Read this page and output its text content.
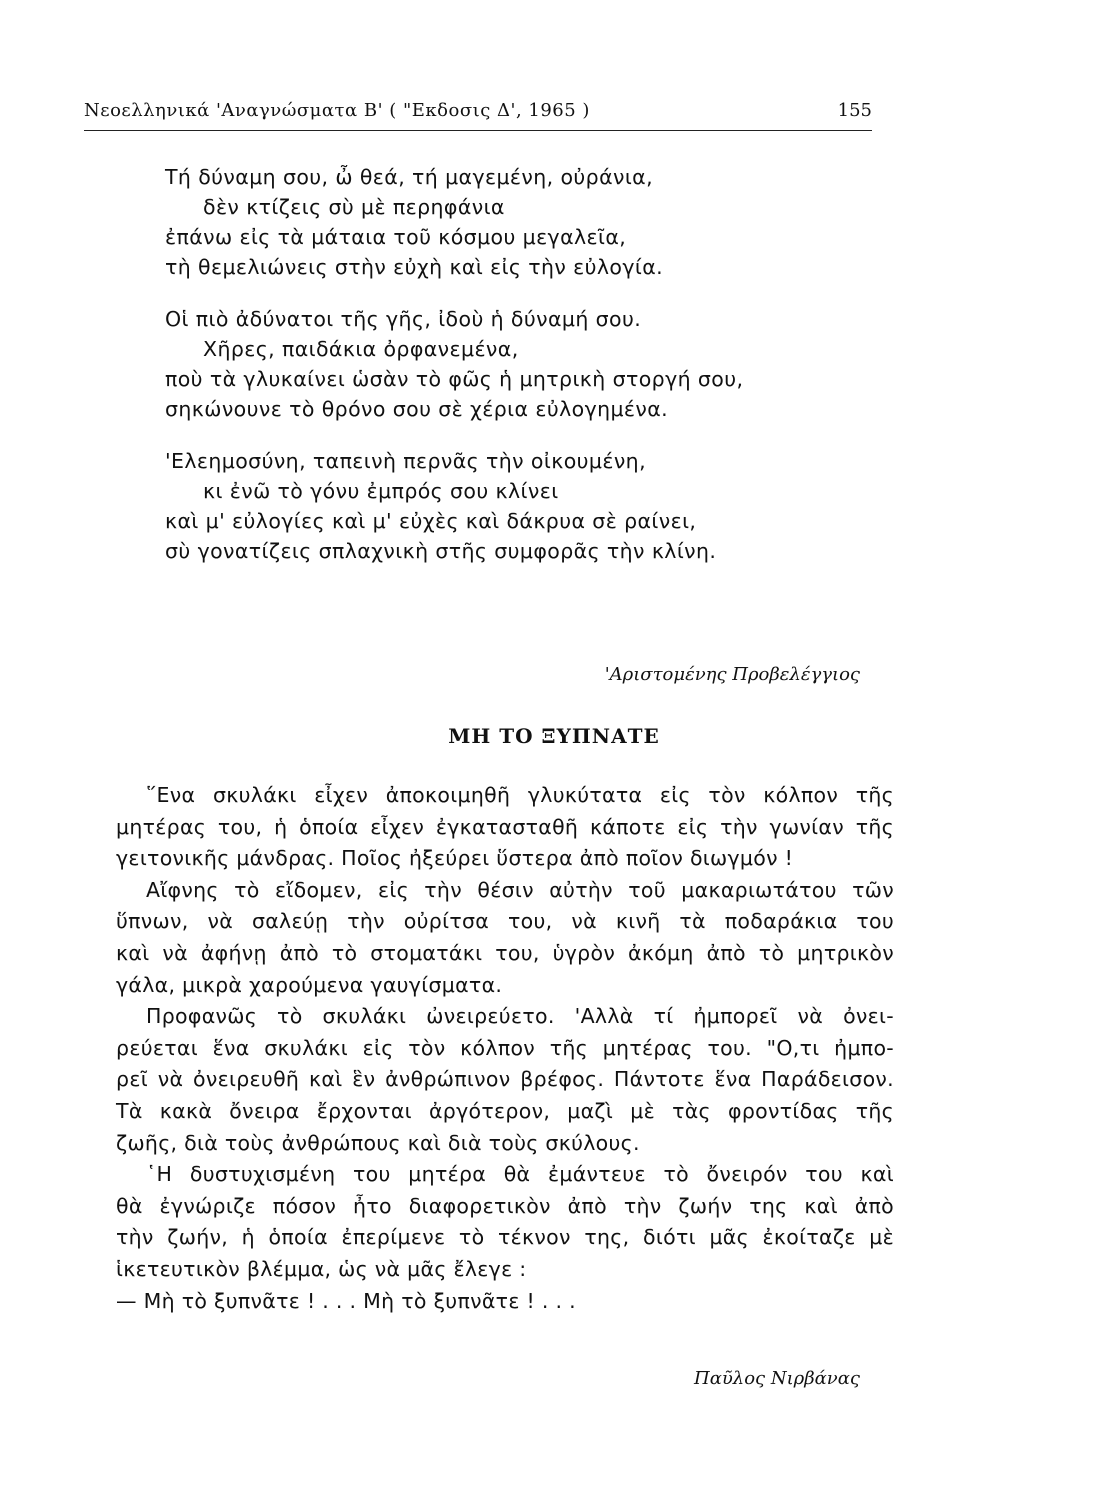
Νεοελληνικά 'Αναγνώσματα Β' ( "Εκδοσις Δ', 1965 )	155
Τή δύναμη σου, ὦ θεά, τή μαγεμένη, οὐράνια,
δὲν κτίζεις σὺ μὲ περηφάνια
ἐπάνω εἰς τὰ μάταια τοῦ κόσμου μεγαλεῖα,
τὴ θεμελιώνεις στὴν εὐχὴ καὶ εἰς τὴν εὐλογία.
Οἱ πιὸ ἀδύνατοι τῆς γῆς, ἰδοὺ ἡ δύναμή σου.
Χῆρες, παιδάκια ὀρφανεμένα,
ποὺ τὰ γλυκαίνει ὡσὰν τὸ φῶς ἡ μητρικὴ στοργή σου,
σηκώνουνε τὸ θρόνο σου σὲ χέρια εὐλογημένα.
'Ελεημοσύνη, ταπεινὴ περνᾶς τὴν οἰκουμένη,
κι ἐνῶ τὸ γόνυ ἐμπρός σου κλίνει
καὶ μ' εὐλογίες καὶ μ' εὐχὲς καὶ δάκρυα σὲ ραίνει,
σὺ γονατίζεις σπλαχνικὴ στῆς συμφορᾶς τὴν κλίνη.
'Αριστομένης Προβελέγγιος
ΜΗ ΤΟ ΞΥΠΝΑΤΕ
῞Ενα σκυλάκι εἶχεν ἀποκοιμηθῆ γλυκύτατα εἰς τὸν κόλπον τῆς
μητέρας του, ἡ ὁποία εἶχεν ἐγκατασταθῆ κάποτε εἰς τὴν γωνίαν τῆς
γειτονικῆς μάνδρας. Ποῖος ἠξεύρει ὕστερα ἀπὸ ποῖον διωγμόν !
Αἴφνης τὸ εἴδομεν, εἰς τὴν θέσιν αὐτὴν τοῦ μακαριωτάτου τῶν
ὕπνων, νὰ σαλεύῃ τὴν οὐρίτσα του, νὰ κινῆ τὰ ποδαράκια του
καὶ νὰ ἀφήνῃ ἀπὸ τὸ στοματάκι του, ὑγρὸν ἀκόμη ἀπὸ τὸ μητρικὸν
γάλα, μικρὰ χαρούμενα γαυγίσματα.
Προφανῶς τὸ σκυλάκι ὠνειρεύετο. 'Αλλὰ τί ἠμπορεῖ νὰ ὀνει-
ρεύεται ἕνα σκυλάκι εἰς τὸν κόλπον τῆς μητέρας του. "Ο,τι ἠμπο-
ρεῖ νὰ ὀνειρευθῆ καὶ ἓν ἀνθρώπινον βρέφος. Πάντοτε ἕνα Παράδεισον.
Τὰ κακὰ ὄνειρα ἔρχονται ἀργότερον, μαζὶ μὲ τὰς φροντίδας τῆς
ζωῆς, διὰ τοὺς ἀνθρώπους καὶ διὰ τοὺς σκύλους.
῾Η δυστυχισμένη του μητέρα θὰ ἐμάντευε τὸ ὄνειρόν του καὶ
θὰ ἐγνώριζε πόσον ἦτο διαφορετικὸν ἀπὸ τὴν ζωήν της καὶ ἀπὸ
τὴν ζωήν, ἡ ὁποία ἐπερίμενε τὸ τέκνον της, διότι μᾶς ἐκοίταζε μὲ
ἱκετευτικὸν βλέμμα, ὡς νὰ μᾶς ἔλεγε :
— Μὴ τὸ ξυπνᾶτε ! . . . Μὴ τὸ ξυπνᾶτε ! . . .
Παῦλος Νιρβάνας
